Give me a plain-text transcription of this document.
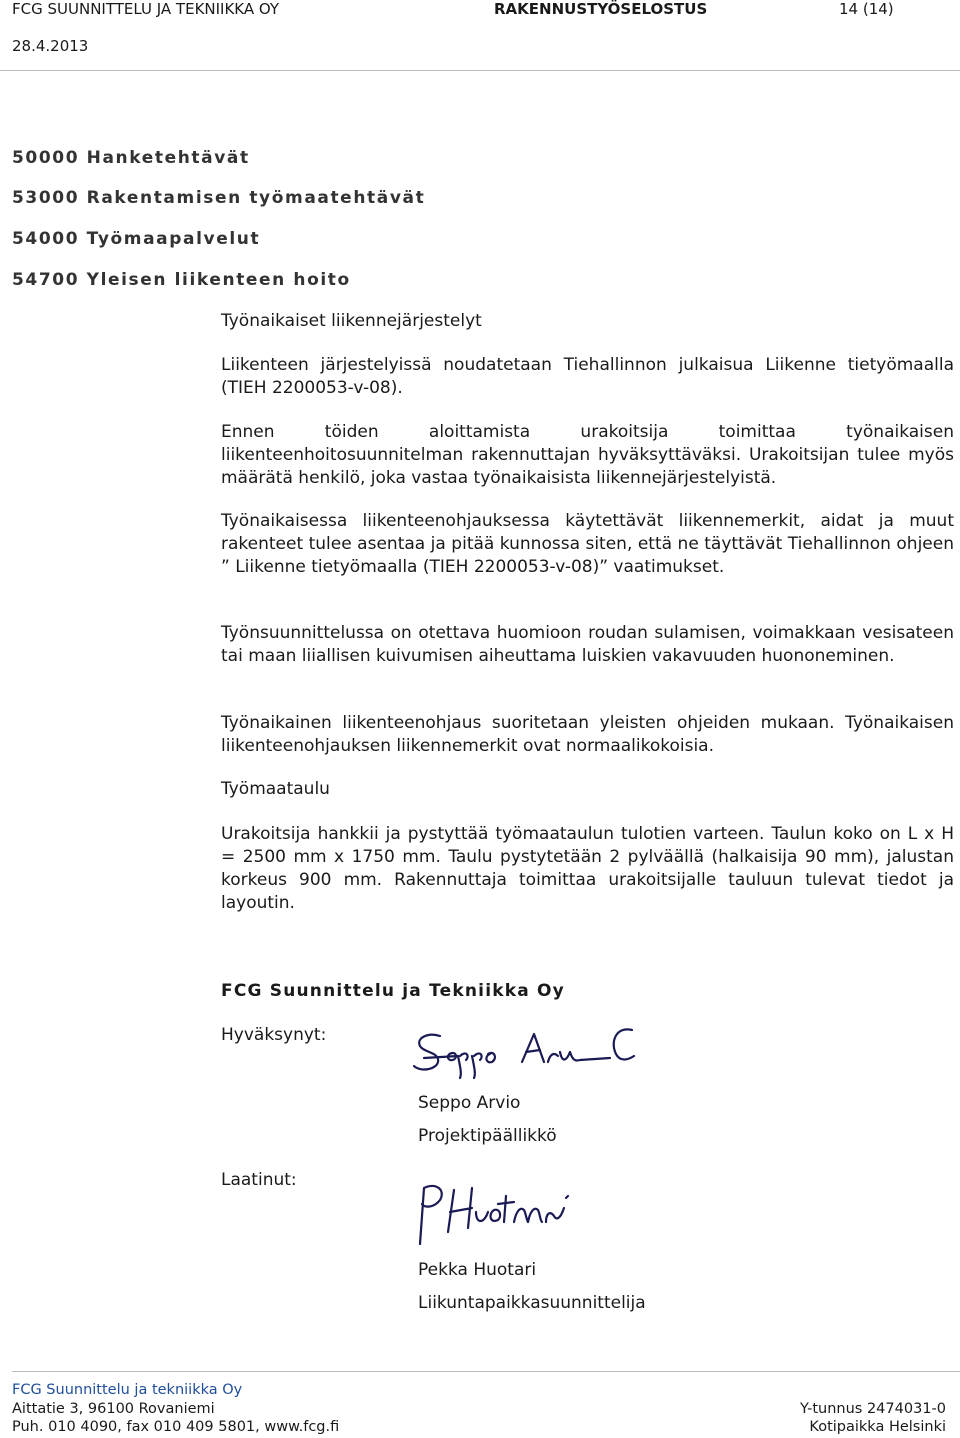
FCG SUUNNITTELU JA TEKNIIKKA OY	RAKENNUSTYÖSELOSTUS	14 (14)
28.4.2013
50000 Hanketehtävät
53000 Rakentamisen työmaatehtävät
54000 Työmaapalvelut
54700 Yleisen liikenteen hoito
Työnaikaiset liikennejärjestelyt

Liikenteen järjestelyissä noudatetaan Tiehallinnon julkaisua Liikenne tietyömaalla (TIEH 2200053-v-08).

Ennen töiden aloittamista urakoitsija toimittaa työnaikaisen liikenteenhoitosuunnitelman rakennuttajan hyväksyttäväksi. Urakoitsijan tulee myös määrätä henkilö, joka vastaa työnaikaisista liikennejärjestelyistä.

Työnaikaisessa liikenteenohjauksessa käytettävät liikennemerkit, aidat ja muut rakenteet tulee asentaa ja pitää kunnossa siten, että ne täyttävät Tiehallinnon ohjeen ” Liikenne tietyömaalla (TIEH 2200053-v-08)” vaatimukset.

Työnsuunnittelussa on otettava huomioon roudan sulamisen, voimakkaan vesisateen tai maan liiallisen kuivumisen aiheuttama luiskien vakavuuden huononeminen.

Työnaikainen liikenteenohjaus suoritetaan yleisten ohjeiden mukaan. Työnaikaisen liikenteenohjauksen liikennemerkit ovat normaalikokoisia.

Työmaataulu

Urakoitsija hankkii ja pystyttää työmaataulun tulotien varteen. Taulun koko on L x H = 2500 mm x 1750 mm. Taulu pystytetään 2 pylväällä (halkaisija 90 mm), jalustan korkeus 900 mm. Rakennuttaja toimittaa urakoitsijalle tauluun tulevat tiedot ja layoutin.

FCG Suunnittelu ja Tekniikka Oy
Hyväksynyt:
Seppo Arvio
Projektipäällikkö
Laatinut:
Pekka Huotari
Liikuntapaikkasuunnittelija
FCG Suunnittelu ja tekniikka Oy
Aittatie 3, 96100 Rovaniemi
Puh. 010 4090, fax 010 409 5801, www.fcg.fi
Y-tunnus 2474031-0
Kotipaikka Helsinki
